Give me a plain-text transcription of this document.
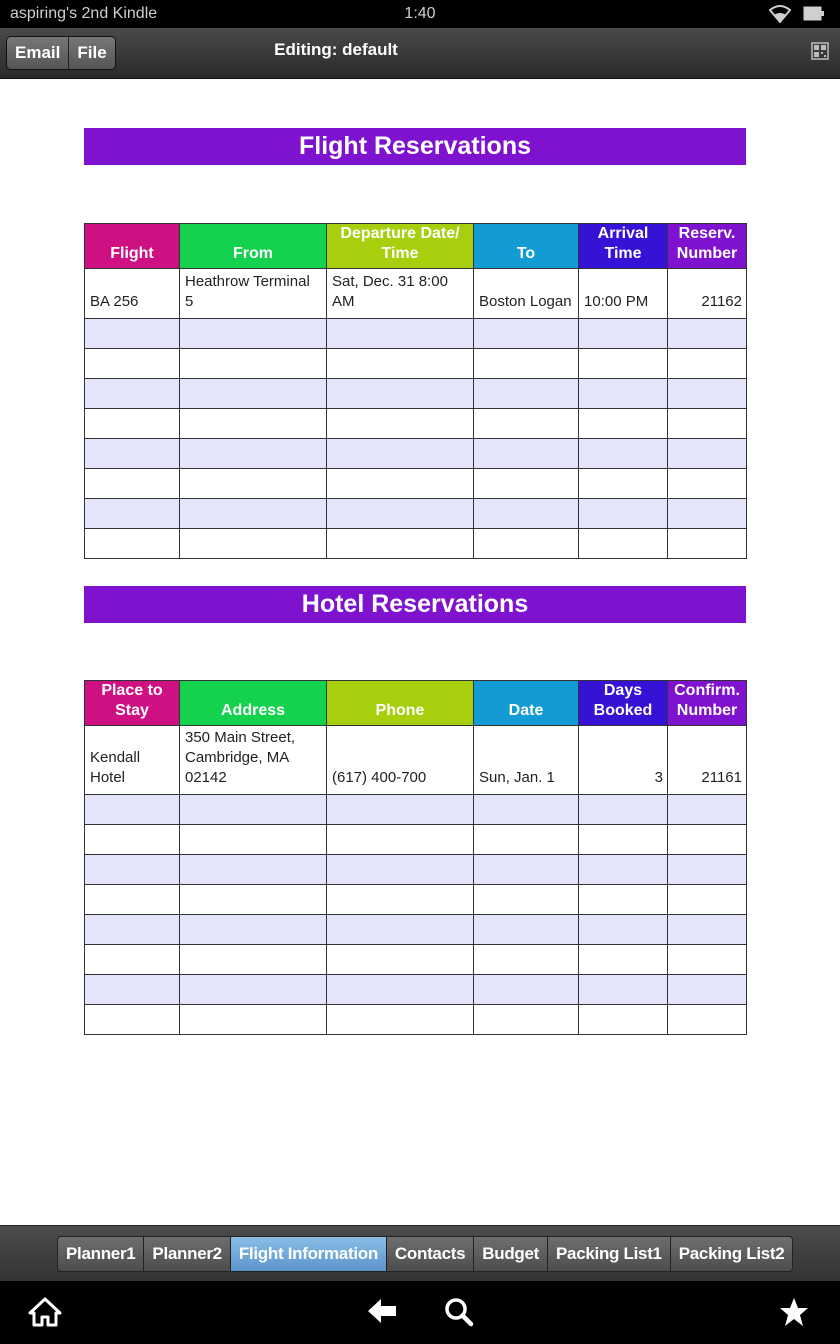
aspiring's 2nd Kindle	1:40
Email	File	Editing: default
Flight Reservations
Flight	From	Departure Date/ Time	To	Arrival Time	Reserv. Number
BA 256	Heathrow Terminal 5	Sat, Dec. 31 8:00 AM	Boston Logan	10:00 PM	21162

Hotel Reservations
Place to Stay	Address	Phone	Date	Days Booked	Confirm. Number
Kendall Hotel	350 Main Street, Cambridge, MA 02142	(617) 400-700	Sun, Jan. 1	3	21161

Planner1	Planner2	Flight Information	Contacts	Budget	Packing List1	Packing List2
